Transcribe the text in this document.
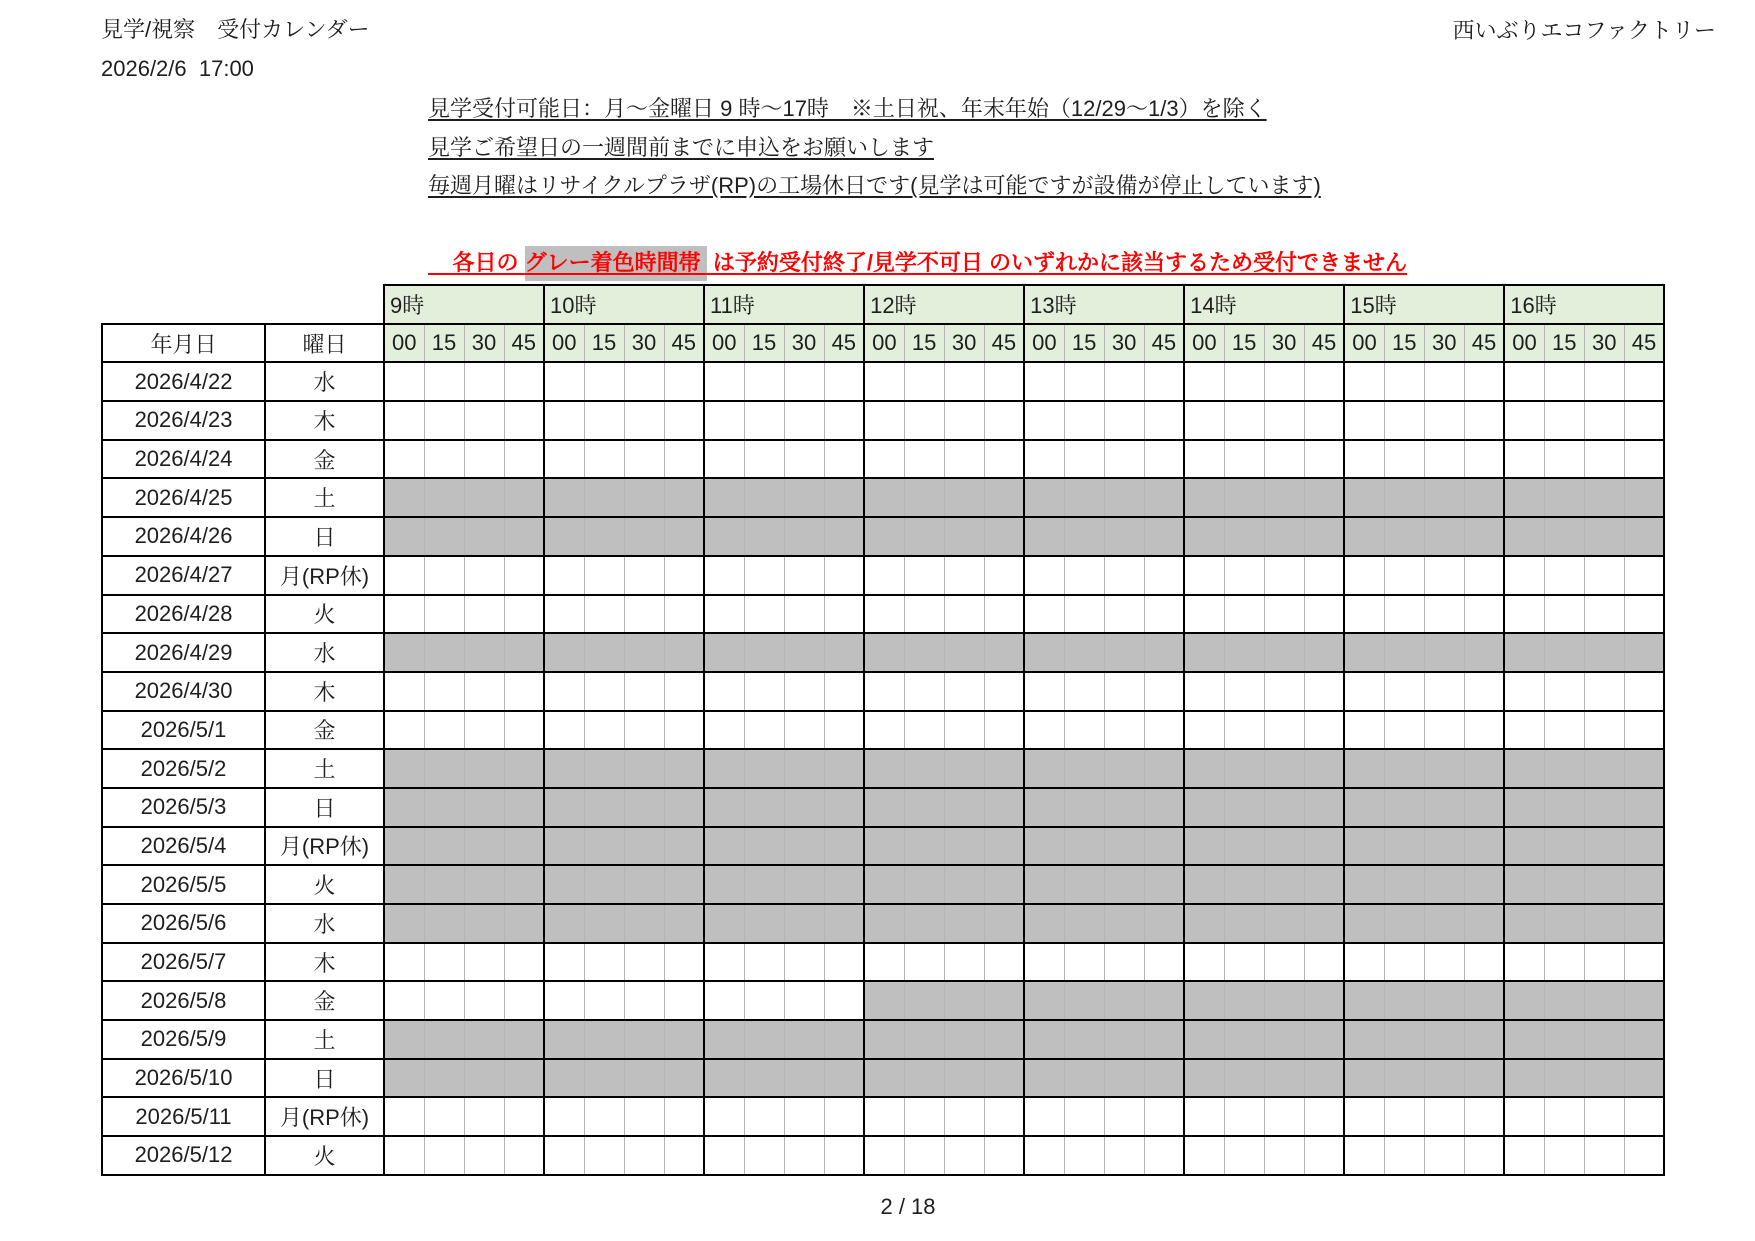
見学/視察　受付カレンダー
2026/2/6  17:00
西いぶりエコファクトリー
見学受付可能日：月～金曜日 9 時～17時　※土日祝、年末年始（12/29～1/3）を除く
見学ご希望日の一週間前までに申込をお願いします
毎週月曜はリサイクルプラザ(RP)の工場休日です(見学は可能ですが設備が停止しています)

各日の グレー着色時間帯  は予約受付終了/見学不可日 のいずれかに該当するため受付できません

		9時				10時				11時				12時				13時				14時				15時				16時			
年月日	曜日	00	15	30	45	00	15	30	45	00	15	30	45	00	15	30	45	00	15	30	45	00	15	30	45	00	15	30	45	00	15	30	45
2026/4/22	水																																
2026/4/23	木																																
2026/4/24	金																																
2026/4/25	土																																
2026/4/26	日																																
2026/4/27	月(RP休)																																
2026/4/28	火																																
2026/4/29	水																																
2026/4/30	木																																
2026/5/1	金																																
2026/5/2	土																																
2026/5/3	日																																
2026/5/4	月(RP休)																																
2026/5/5	火																																
2026/5/6	水																																
2026/5/7	木																																
2026/5/8	金																																
2026/5/9	土																																
2026/5/10	日																																
2026/5/11	月(RP休)																																
2026/5/12	火																																
2 / 18
